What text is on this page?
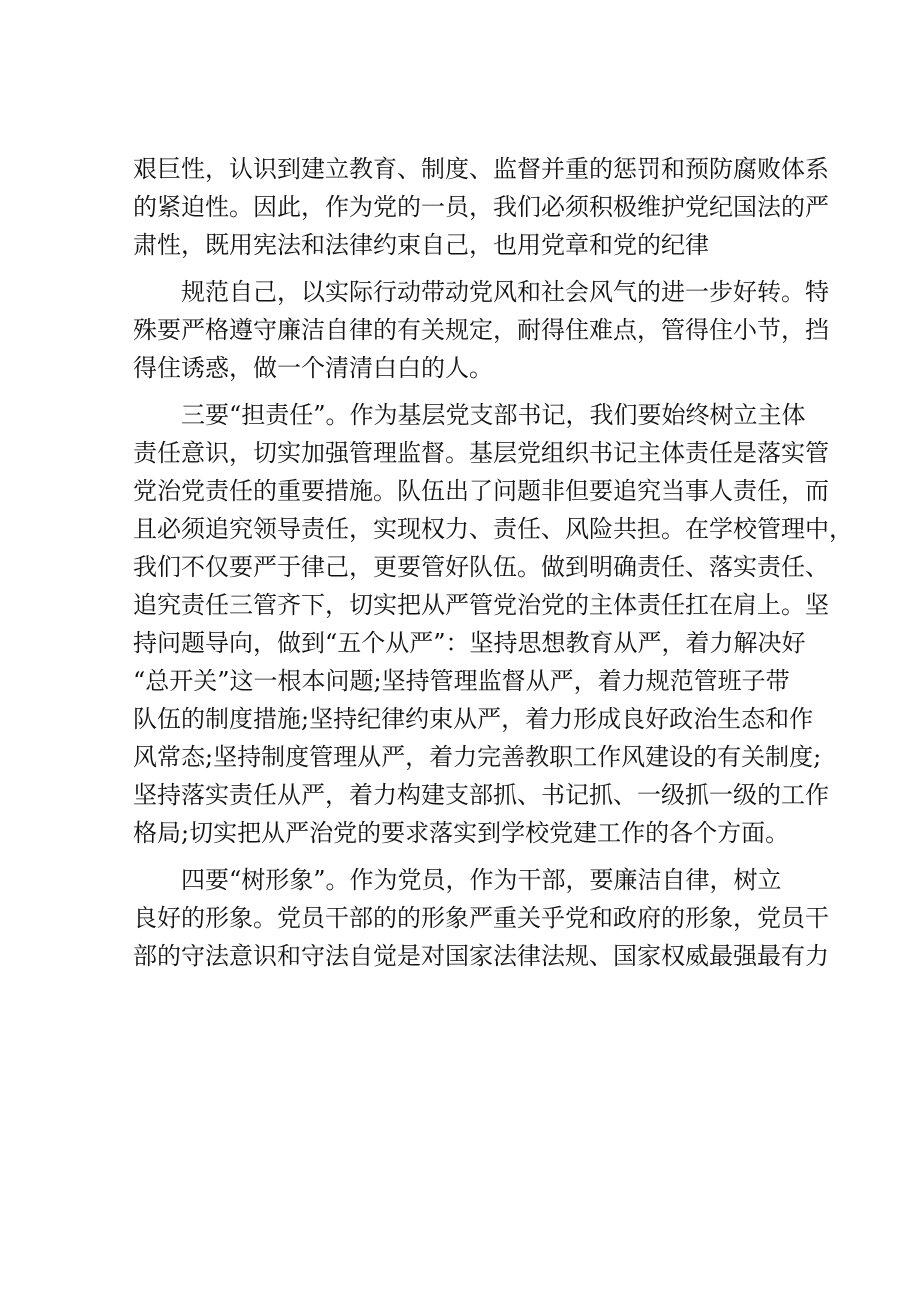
艰巨性，认识到建立教育、制度、监督并重的惩罚和预防腐败体系
的紧迫性。因此，作为党的一员，我们必须积极维护党纪国法的严
肃性，既用宪法和法律约束自己，也用党章和党的纪律
　　规范自己，以实际行动带动党风和社会风气的进一步好转。特
殊要严格遵守廉洁自律的有关规定，耐得住难点，管得住小节，挡
得住诱惑，做一个清清白白的人。
　　三要“担责任”。作为基层党支部书记，我们要始终树立主体
责任意识，切实加强管理监督。基层党组织书记主体责任是落实管
党治党责任的重要措施。队伍出了问题非但要追究当事人责任，而
且必须追究领导责任，实现权力、责任、风险共担。在学校管理中，
我们不仅要严于律己，更要管好队伍。做到明确责任、落实责任、
追究责任三管齐下，切实把从严管党治党的主体责任扛在肩上。坚
持问题导向，做到“五个从严”：坚持思想教育从严，着力解决好
“总开关”这一根本问题;坚持管理监督从严，着力规范管班子带
队伍的制度措施;坚持纪律约束从严，着力形成良好政治生态和作
风常态;坚持制度管理从严，着力完善教职工作风建设的有关制度;
坚持落实责任从严，着力构建支部抓、书记抓、一级抓一级的工作
格局;切实把从严治党的要求落实到学校党建工作的各个方面。
　　四要“树形象”。作为党员，作为干部，要廉洁自律，树立
良好的形象。党员干部的的形象严重关乎党和政府的形象，党员干
部的守法意识和守法自觉是对国家法律法规、国家权威最强最有力
